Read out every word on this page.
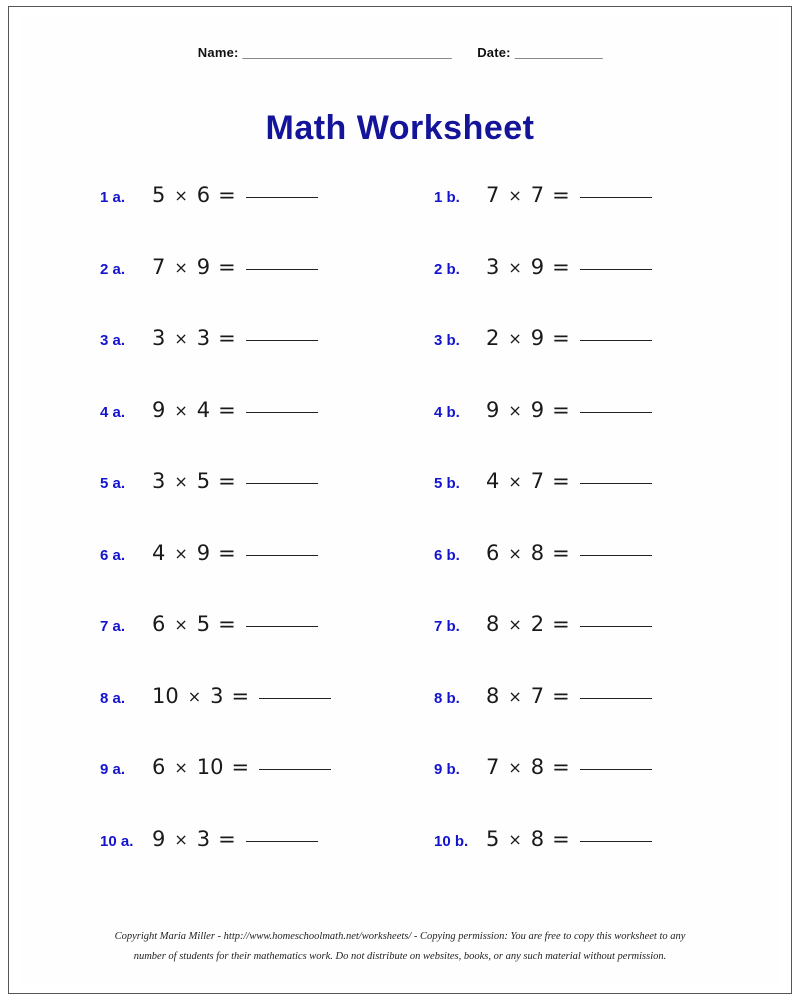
Name: _______________________________ Date: _____________
Math Worksheet
1 a.	5 × 6 =	1 b.	7 × 7 =
2 a.	7 × 9 =	2 b.	3 × 9 =
3 a.	3 × 3 =	3 b.	2 × 9 =
4 a.	9 × 4 =	4 b.	9 × 9 =
5 a.	3 × 5 =	5 b.	4 × 7 =
6 a.	4 × 9 =	6 b.	6 × 8 =
7 a.	6 × 5 =	7 b.	8 × 2 =
8 a.	10 × 3 =	8 b.	8 × 7 =
9 a.	6 × 10 =	9 b.	7 × 8 =
10 a. 9 × 3 =	10 b. 5 × 8 =
Copyright Maria Miller - http://www.homeschoolmath.net/worksheets/ - Copying permission: You are free to copy this worksheet to any
number of students for their mathematics work. Do not distribute on websites, books, or any such material without permission.
